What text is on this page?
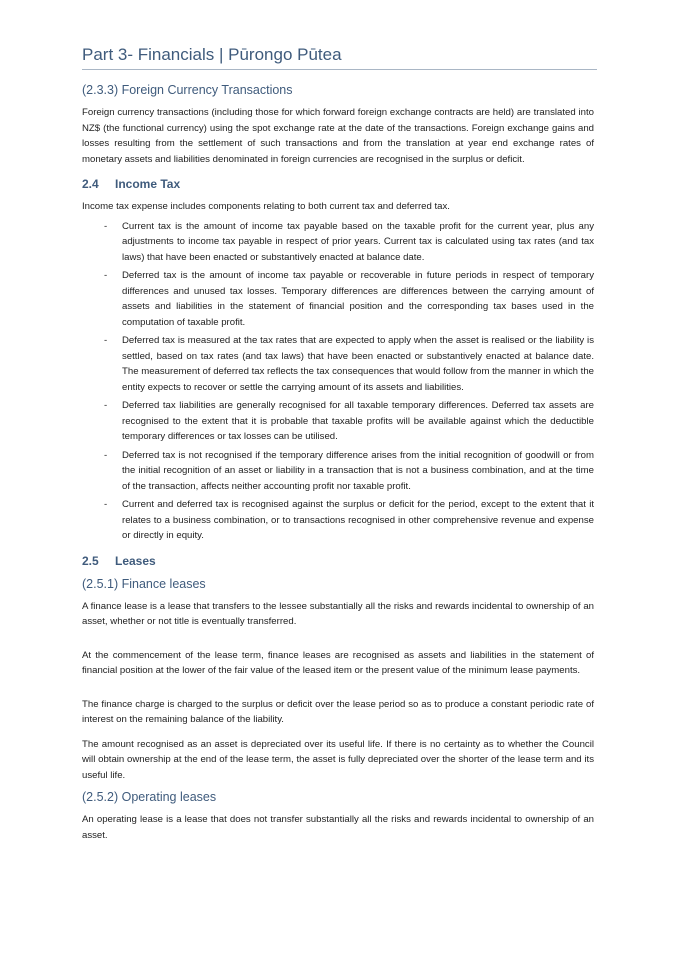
Part 3- Financials | Pūrongo Pūtea
(2.3.3) Foreign Currency Transactions

Foreign currency transactions (including those for which forward foreign exchange contracts are held) are translated into NZ$ (the functional currency) using the spot exchange rate at the date of the transactions. Foreign exchange gains and losses resulting from the settlement of such transactions and from the translation at year end exchange rates of monetary assets and liabilities denominated in foreign currencies are recognised in the surplus or deficit.

2.4 Income Tax

Income tax expense includes components relating to both current tax and deferred tax.

- Current tax is the amount of income tax payable based on the taxable profit for the current year, plus any adjustments to income tax payable in respect of prior years. Current tax is calculated using tax rates (and tax laws) that have been enacted or substantively enacted at balance date.
- Deferred tax is the amount of income tax payable or recoverable in future periods in respect of temporary differences and unused tax losses. Temporary differences are differences between the carrying amount of assets and liabilities in the statement of financial position and the corresponding tax bases used in the computation of taxable profit.
- Deferred tax is measured at the tax rates that are expected to apply when the asset is realised or the liability is settled, based on tax rates (and tax laws) that have been enacted or substantively enacted at balance date. The measurement of deferred tax reflects the tax consequences that would follow from the manner in which the entity expects to recover or settle the carrying amount of its assets and liabilities.
- Deferred tax liabilities are generally recognised for all taxable temporary differences. Deferred tax assets are recognised to the extent that it is probable that taxable profits will be available against which the deductible temporary differences or tax losses can be utilised.
- Deferred tax is not recognised if the temporary difference arises from the initial recognition of goodwill or from the initial recognition of an asset or liability in a transaction that is not a business combination, and at the time of the transaction, affects neither accounting profit nor taxable profit.
- Current and deferred tax is recognised against the surplus or deficit for the period, except to the extent that it relates to a business combination, or to transactions recognised in other comprehensive revenue and expense or directly in equity.
2.5 Leases
(2.5.1) Finance leases

A finance lease is a lease that transfers to the lessee substantially all the risks and rewards incidental to ownership of an asset, whether or not title is eventually transferred.

At the commencement of the lease term, finance leases are recognised as assets and liabilities in the statement of financial position at the lower of the fair value of the leased item or the present value of the minimum lease payments.

The finance charge is charged to the surplus or deficit over the lease period so as to produce a constant periodic rate of interest on the remaining balance of the liability.

The amount recognised as an asset is depreciated over its useful life. If there is no certainty as to whether the Council will obtain ownership at the end of the lease term, the asset is fully depreciated over the shorter of the lease term and its useful life.

(2.5.2) Operating leases

An operating lease is a lease that does not transfer substantially all the risks and rewards incidental to ownership of an asset.
